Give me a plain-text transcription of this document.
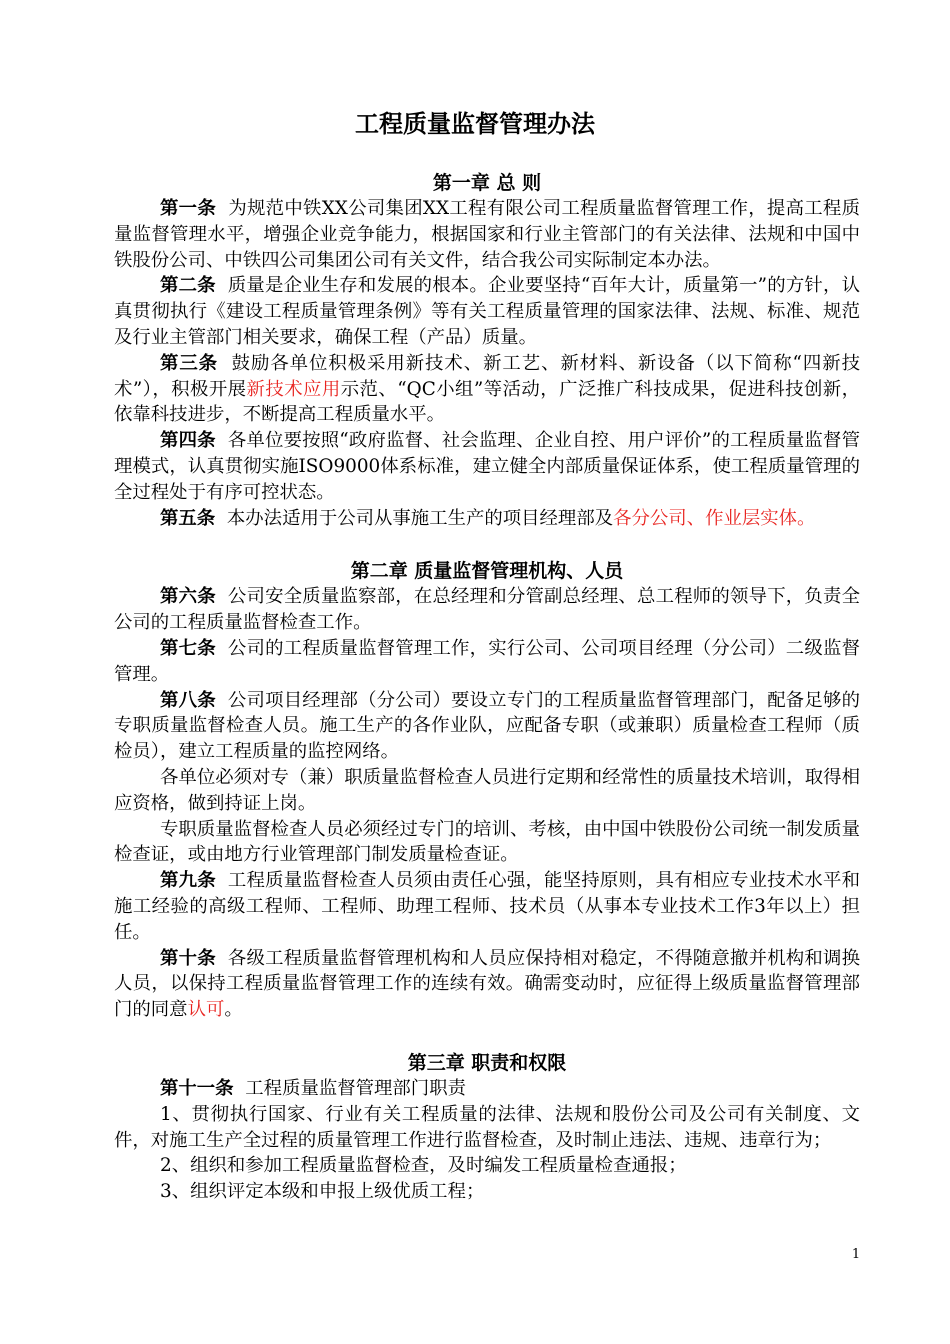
工程质量监督管理办法
第一章 总 则

第一条 为规范中铁XX公司集团XX工程有限公司工程质量监督管理工作，提高工程质量监督管理水平，增强企业竞争能力，根据国家和行业主管部门的有关法律、法规和中国中铁股份公司、中铁四公司集团公司有关文件，结合我公司实际制定本办法。

第二条 质量是企业生存和发展的根本。企业要坚持“百年大计，质量第一”的方针，认真贯彻执行《建设工程质量管理条例》等有关工程质量管理的国家法律、法规、标准、规范及行业主管部门相关要求，确保工程（产品）质量。

第三条 鼓励各单位积极采用新技术、新工艺、新材料、新设备（以下简称“四新技术”），积极开展新技术应用示范、“QC小组”等活动，广泛推广科技成果，促进科技创新，依靠科技进步，不断提高工程质量水平。

第四条 各单位要按照“政府监督、社会监理、企业自控、用户评价”的工程质量监督管理模式，认真贯彻实施ISO9000体系标准，建立健全内部质量保证体系，使工程质量管理的全过程处于有序可控状态。

第五条 本办法适用于公司从事施工生产的项目经理部及各分公司、作业层实体。

第二章 质量监督管理机构、人员

第六条 公司安全质量监察部，在总经理和分管副总经理、总工程师的领导下，负责全公司的工程质量监督检查工作。

第七条 公司的工程质量监督管理工作，实行公司、公司项目经理（分公司）二级监督管理。

第八条 公司项目经理部（分公司）要设立专门的工程质量监督管理部门，配备足够的专职质量监督检查人员。施工生产的各作业队，应配备专职（或兼职）质量检查工程师（质检员），建立工程质量的监控网络。

各单位必须对专（兼）职质量监督检查人员进行定期和经常性的质量技术培训，取得相应资格，做到持证上岗。

专职质量监督检查人员必须经过专门的培训、考核，由中国中铁股份公司统一制发质量检查证，或由地方行业管理部门制发质量检查证。

第九条 工程质量监督检查人员须由责任心强，能坚持原则，具有相应专业技术水平和施工经验的高级工程师、工程师、助理工程师、技术员（从事本专业技术工作3年以上）担任。

第十条 各级工程质量监督管理机构和人员应保持相对稳定，不得随意撤并机构和调换人员，以保持工程质量监督管理工作的连续有效。确需变动时，应征得上级质量监督管理部门的同意认可。

第三章 职责和权限

第十一条 工程质量监督管理部门职责

1、贯彻执行国家、行业有关工程质量的法律、法规和股份公司及公司有关制度、文件，对施工生产全过程的质量管理工作进行监督检查，及时制止违法、违规、违章行为；

2、组织和参加工程质量监督检查，及时编发工程质量检查通报；

3、组织评定本级和申报上级优质工程；

1
